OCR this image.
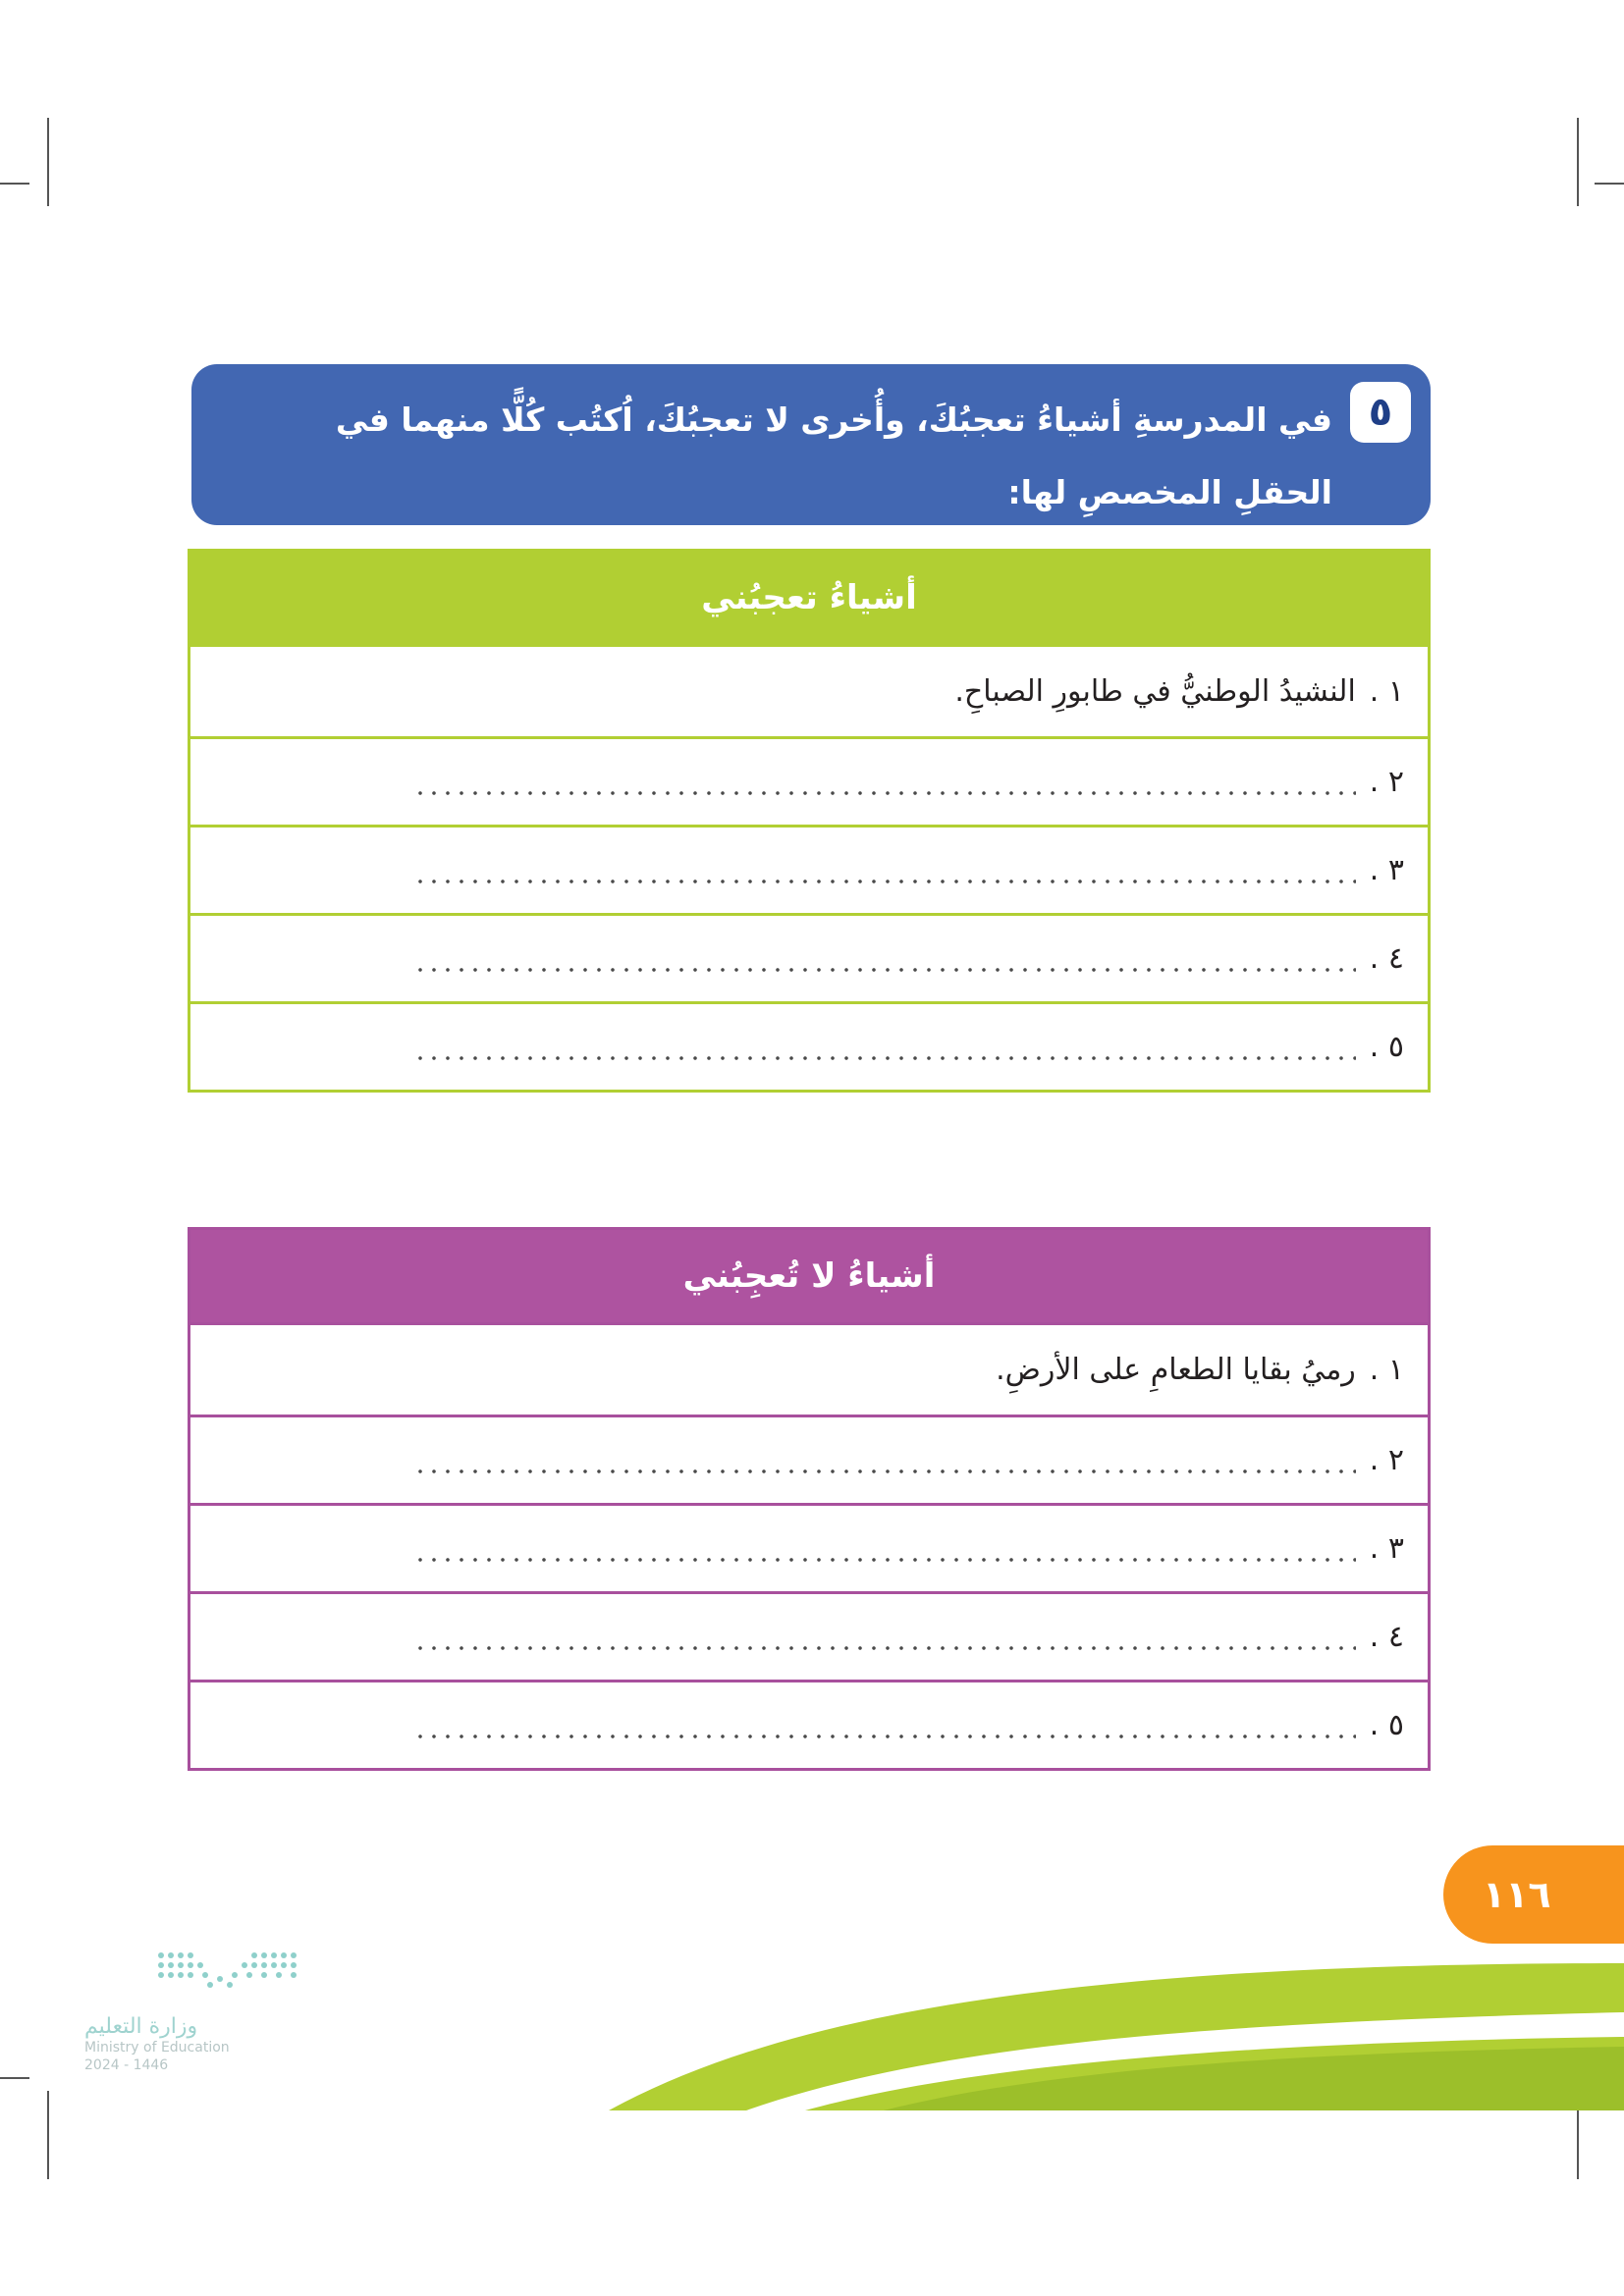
٥
في المدرسةِ أشياءُ تعجبُكَ، وأُخرى لا تعجبُكَ، اُكتُب كُلًّا منهما في الحقلِ المخصصِ لها:
أشياءُ تعجبُني
١ .
النشيدُ الوطنيُّ في طابورِ الصباحِ.
٢ .
٣ .
٤ .
٥ .
أشياءُ لا تُعجِبُني
١ .
رميُ بقايا الطعامِ على الأرضِ.
٢ .
٣ .
٤ .
٥ .
١١٦
وزارة التعليم
Ministry of Education
2024 - 1446
